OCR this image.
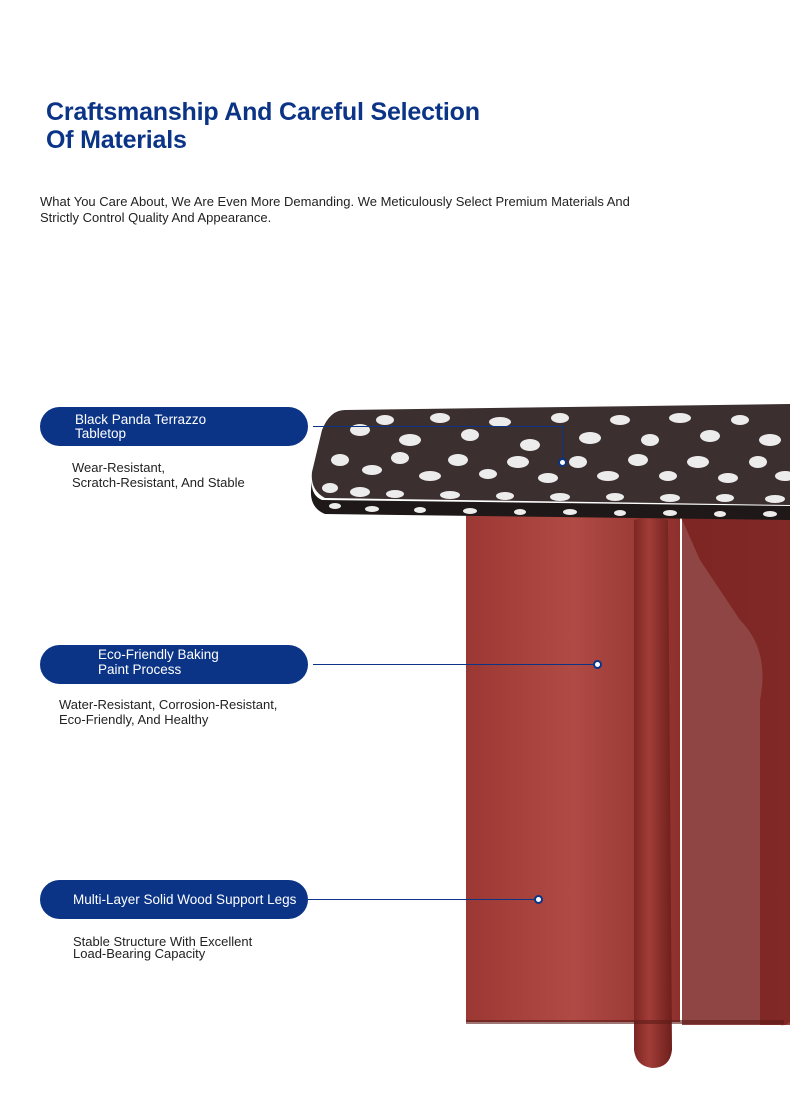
Craftsmanship And Careful Selection
Of Materials
What You Care About, We Are Even More Demanding. We Meticulously Select Premium Materials And
Strictly Control Quality And Appearance.
Black Panda Terrazzo
Tabletop
Wear-Resistant,
Scratch-Resistant, And Stable
Eco-Friendly Baking
Paint Process
Water-Resistant, Corrosion-Resistant,
Eco-Friendly, And Healthy
Multi-Layer Solid Wood Support Legs
Stable Structure With Excellent
Load-Bearing Capacity
